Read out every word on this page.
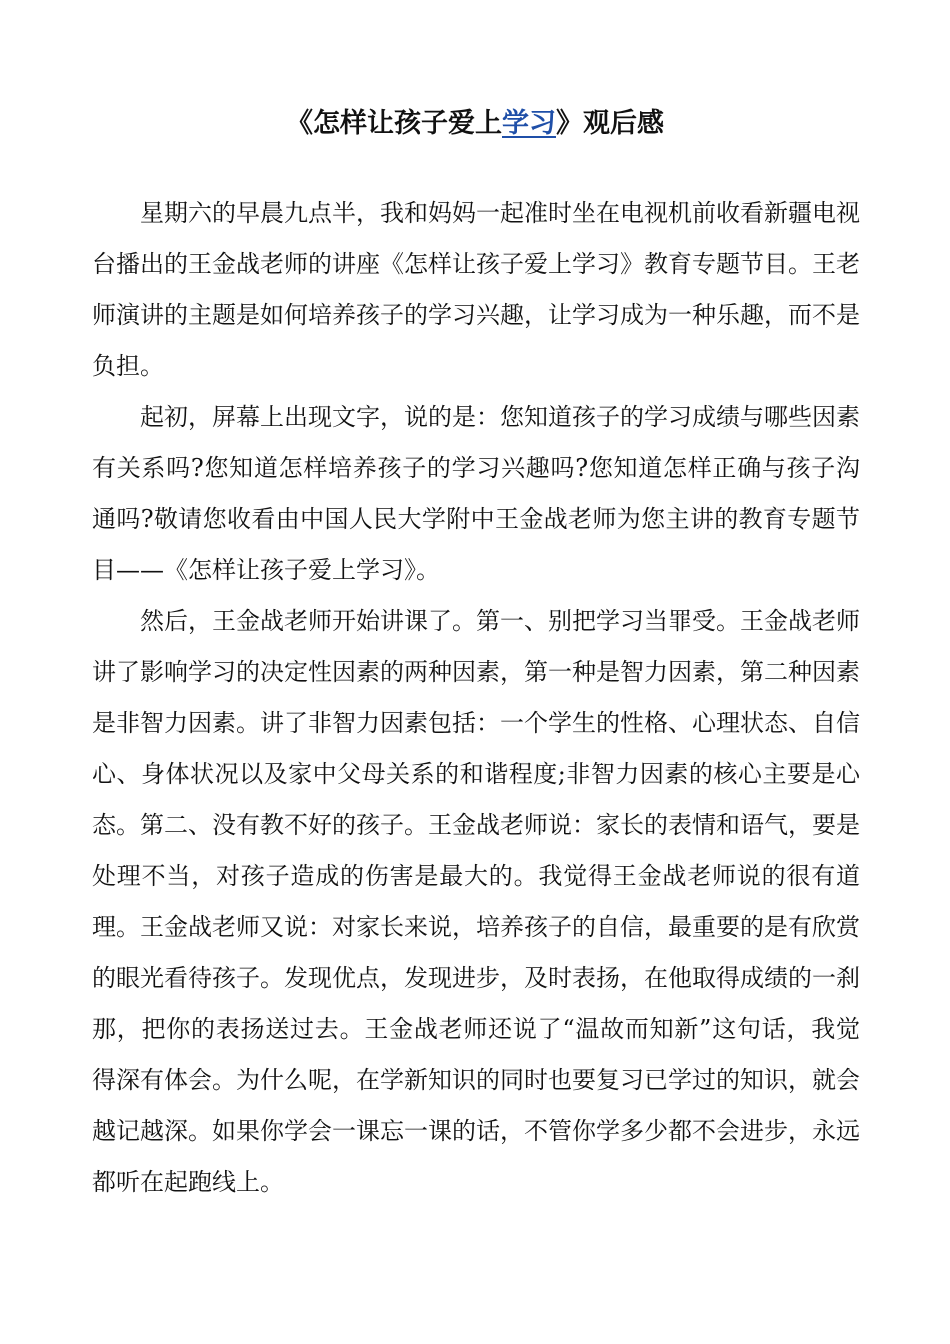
《怎样让孩子爱上学习》观后感

星期六的早晨九点半，我和妈妈一起准时坐在电视机前收看新疆电视台播出的王金战老师的讲座《怎样让孩子爱上学习》教育专题节目。王老师演讲的主题是如何培养孩子的学习兴趣，让学习成为一种乐趣，而不是负担。

起初，屏幕上出现文字，说的是：您知道孩子的学习成绩与哪些因素有关系吗?您知道怎样培养孩子的学习兴趣吗?您知道怎样正确与孩子沟通吗?敬请您收看由中国人民大学附中王金战老师为您主讲的教育专题节目——《怎样让孩子爱上学习》。

然后，王金战老师开始讲课了。第一、别把学习当罪受。王金战老师讲了影响学习的决定性因素的两种因素，第一种是智力因素，第二种因素是非智力因素。讲了非智力因素包括：一个学生的性格、心理状态、自信心、身体状况以及家中父母关系的和谐程度;非智力因素的核心主要是心态。第二、没有教不好的孩子。王金战老师说：家长的表情和语气，要是处理不当，对孩子造成的伤害是最大的。我觉得王金战老师说的很有道理。王金战老师又说：对家长来说，培养孩子的自信，最重要的是有欣赏的眼光看待孩子。发现优点，发现进步，及时表扬，在他取得成绩的一刹那，把你的表扬送过去。王金战老师还说了“温故而知新”这句话，我觉得深有体会。为什么呢，在学新知识的同时也要复习已学过的知识，就会越记越深。如果你学会一课忘一课的话，不管你学多少都不会进步，永远都听在起跑线上。
